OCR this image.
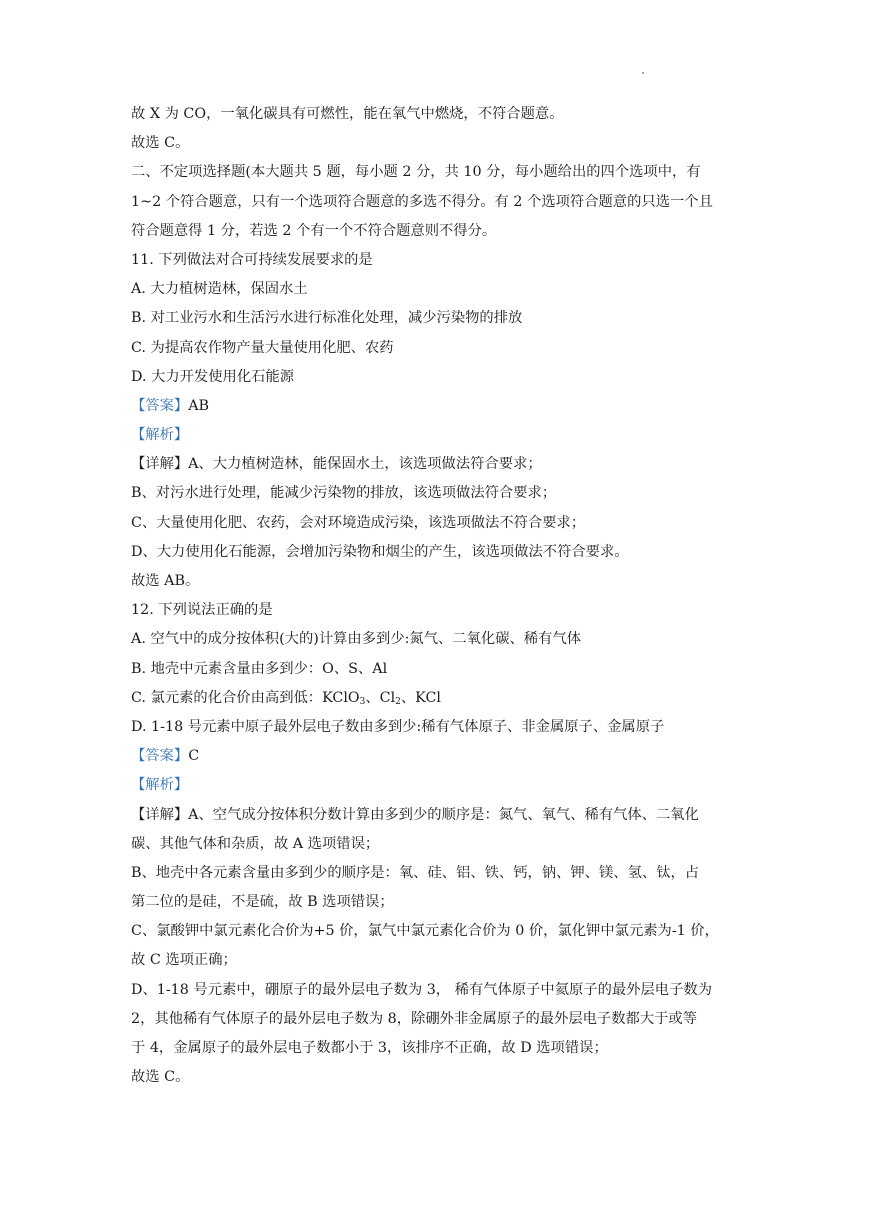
故 X 为 CO，一氧化碳具有可燃性，能在氧气中燃烧，不符合题意。
故选 C。
二、不定项选择题(本大题共 5 题，每小题 2 分，共 10 分，每小题给出的四个选项中，有
1~2 个符合题意，只有一个选项符合题意的多选不得分。有 2 个选项符合题意的只选一个且
符合题意得 1 分，若选 2 个有一个不符合题意则不得分。
11. 下列做法对合可持续发展要求的是
A. 大力植树造林，保固水土
B. 对工业污水和生活污水进行标准化处理，减少污染物的排放
C. 为提高农作物产量大量使用化肥、农药
D. 大力开发使用化石能源
【答案】AB
【解析】
【详解】A、大力植树造林，能保固水土，该选项做法符合要求；
B、对污水进行处理，能减少污染物的排放，该选项做法符合要求；
C、大量使用化肥、农药，会对环境造成污染，该选项做法不符合要求；
D、大力使用化石能源，会增加污染物和烟尘的产生，该选项做法不符合要求。
故选 AB。
12. 下列说法正确的是
A. 空气中的成分按体积(大的)计算由多到少:氮气、二氧化碳、稀有气体
B. 地壳中元素含量由多到少：O、S、Al
C. 氯元素的化合价由高到低：KClO$_3$、$Cl_2$、KCl
D. 1-18 号元素中原子最外层电子数由多到少:稀有气体原子、非金属原子、金属原子
【答案】C
【解析】
【详解】A、空气成分按体积分数计算由多到少的顺序是：氮气、氧气、稀有气体、二氧化
碳、其他气体和杂质，故 A 选项错误；
B、地壳中各元素含量由多到少的顺序是：氧、硅、铝、铁、钙，钠、钾、镁、氢、钛，占
第二位的是硅，不是硫，故 B 选项错误；
C、氯酸钾中氯元素化合价为+5 价，氯气中氯元素化合价为 0 价，氯化钾中氯元素为-1 价，
故 C 选项正确；
D、1-18 号元素中，硼原子的最外层电子数为 3， 稀有气体原子中氦原子的最外层电子数为
2，其他稀有气体原子的最外层电子数为 8，除硼外非金属原子的最外层电子数都大于或等
于 4，金属原子的最外层电子数都小于 3，该排序不正确，故 D 选项错误；
故选 C。
